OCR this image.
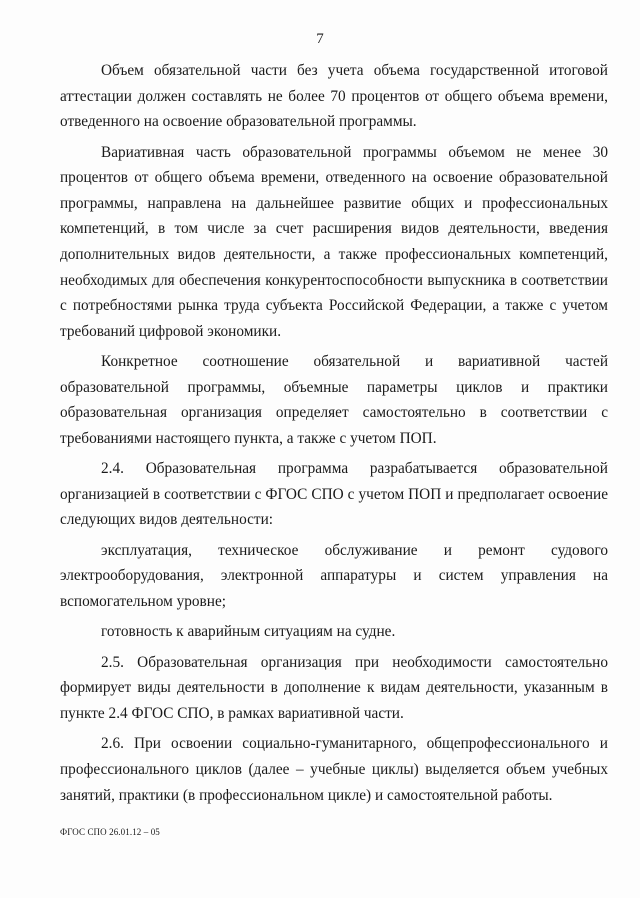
7

Объем обязательной части без учета объема государственной итоговой аттестации должен составлять не более 70 процентов от общего объема времени, отведенного на освоение образовательной программы.

Вариативная часть образовательной программы объемом не менее 30 процентов от общего объема времени, отведенного на освоение образовательной программы, направлена на дальнейшее развитие общих и профессиональных компетенций, в том числе за счет расширения видов деятельности, введения дополнительных видов деятельности, а также профессиональных компетенций, необходимых для обеспечения конкурентоспособности выпускника в соответствии с потребностями рынка труда субъекта Российской Федерации, а также с учетом требований цифровой экономики.

Конкретное соотношение обязательной и вариативной частей образовательной программы, объемные параметры циклов и практики образовательная организация определяет самостоятельно в соответствии с требованиями настоящего пункта, а также с учетом ПОП.

2.4. Образовательная программа разрабатывается образовательной организацией в соответствии с ФГОС СПО с учетом ПОП и предполагает освоение следующих видов деятельности:

эксплуатация, техническое обслуживание и ремонт судового электрооборудования, электронной аппаратуры и систем управления на вспомогательном уровне;

готовность к аварийным ситуациям на судне.

2.5. Образовательная организация при необходимости самостоятельно формирует виды деятельности в дополнение к видам деятельности, указанным в пункте 2.4 ФГОС СПО, в рамках вариативной части.

2.6. При освоении социально-гуманитарного, общепрофессионального и профессионального циклов (далее – учебные циклы) выделяется объем учебных занятий, практики (в профессиональном цикле) и самостоятельной работы.

ФГОС СПО 26.01.12 – 05
